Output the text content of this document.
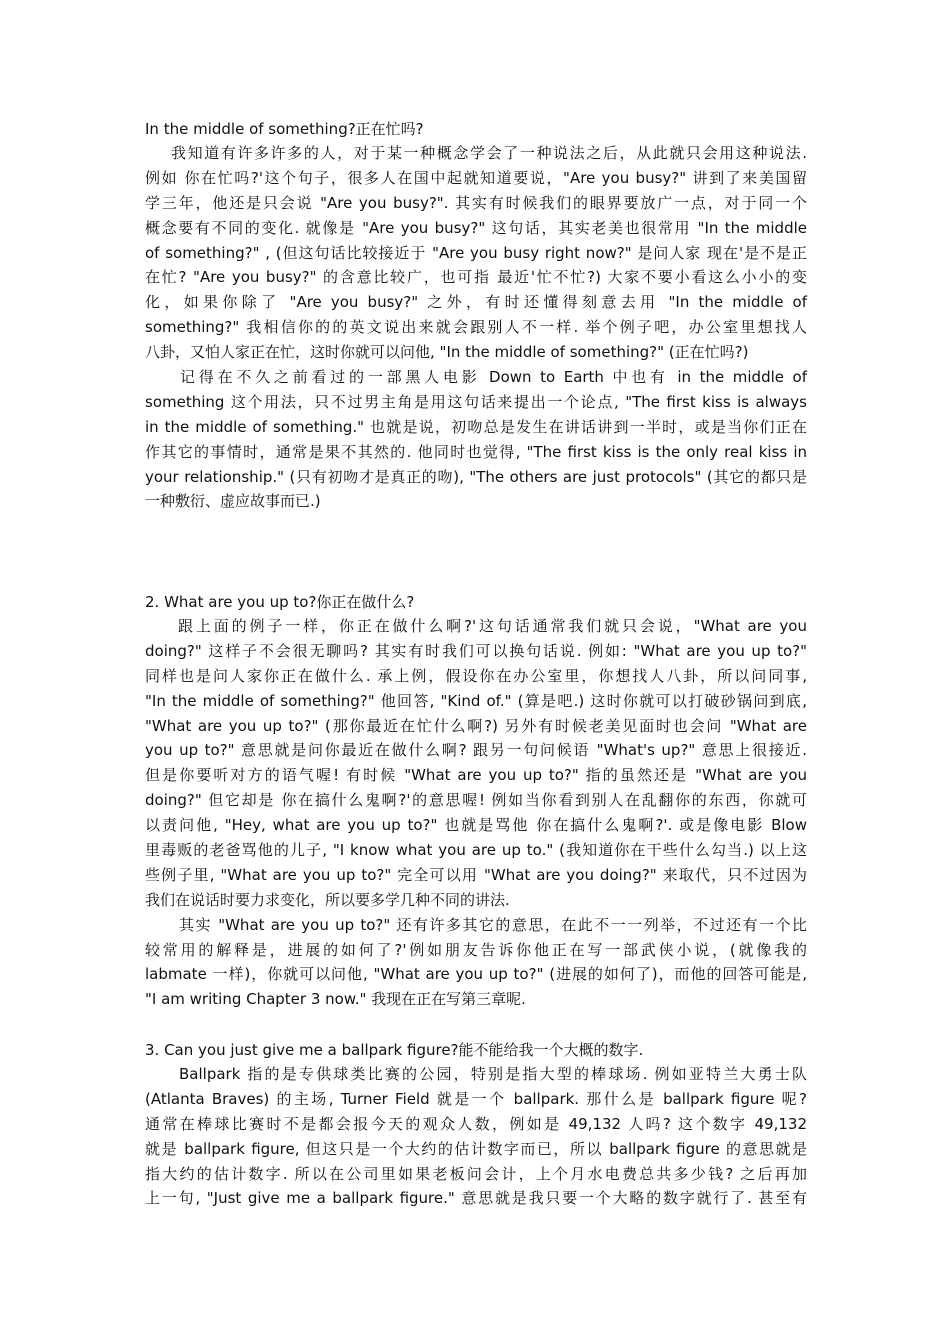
In the middle of something?正在忙吗?
我知道有许多许多的人，对于某一种概念学会了一种说法之后，从此就只会用这种说法.
例如 你在忙吗?'这个句子，很多人在国中起就知道要说，"Are you busy?" 讲到了来美国留
学三年，他还是只会说 "Are you busy?". 其实有时候我们的眼界要放广一点，对于同一个
概念要有不同的变化. 就像是 "Are you busy?" 这句话，其实老美也很常用 "In the middle
of something?" , (但这句话比较接近于 "Are you busy right now?" 是问人家 现在'是不是正
在忙? "Are you busy?" 的含意比较广，也可指 最近'忙不忙?) 大家不要小看这么小小的变
化，如果你除了 "Are you busy?" 之外，有时还懂得刻意去用 "In the middle of
something?" 我相信你的的英文说出来就会跟别人不一样. 举个例子吧，办公室里想找人
八卦，又怕人家正在忙，这时你就可以问他, "In the middle of something?" (正在忙吗?)
记得在不久之前看过的一部黑人电影 Down to Earth 中也有 in the middle of
something 这个用法，只不过男主角是用这句话来提出一个论点, "The first kiss is always
in the middle of something." 也就是说，初吻总是发生在讲话讲到一半时，或是当你们正在
作其它的事情时，通常是果不其然的. 他同时也觉得, "The first kiss is the only real kiss in
your relationship." (只有初吻才是真正的吻), "The others are just protocols" (其它的都只是
一种敷衍、虚应故事而已.)
2. What are you up to?你正在做什么?
跟上面的例子一样，你正在做什么啊?'这句话通常我们就只会说，"What are you
doing?" 这样子不会很无聊吗? 其实有时我们可以换句话说. 例如: "What are you up to?"
同样也是问人家你正在做什么. 承上例，假设你在办公室里，你想找人八卦，所以问同事,
"In the middle of something?" 他回答, "Kind of." (算是吧.) 这时你就可以打破砂锅问到底,
"What are you up to?" (那你最近在忙什么啊?) 另外有时候老美见面时也会问 "What are
you up to?" 意思就是问你最近在做什么啊? 跟另一句问候语 "What's up?" 意思上很接近.
但是你要听对方的语气喔! 有时候 "What are you up to?" 指的虽然还是 "What are you
doing?" 但它却是 你在搞什么鬼啊?'的意思喔! 例如当你看到别人在乱翻你的东西，你就可
以责问他, "Hey, what are you up to?" 也就是骂他 你在搞什么鬼啊?'. 或是像电影 Blow
里毒贩的老爸骂他的儿子, "I know what you are up to." (我知道你在干些什么勾当.) 以上这
些例子里, "What are you up to?" 完全可以用 "What are you doing?" 来取代，只不过因为
我们在说话时要力求变化，所以要多学几种不同的讲法.
其实 "What are you up to?" 还有许多其它的意思，在此不一一列举，不过还有一个比
较常用的解释是，进展的如何了?'例如朋友告诉你他正在写一部武侠小说，(就像我的
labmate 一样)，你就可以问他, "What are you up to?" (进展的如何了)，而他的回答可能是,
"I am writing Chapter 3 now." 我现在正在写第三章呢.
3. Can you just give me a ballpark figure?能不能给我一个大概的数字.
Ballpark 指的是专供球类比赛的公园，特别是指大型的棒球场. 例如亚特兰大勇士队
(Atlanta Braves) 的主场, Turner Field 就是一个 ballpark. 那什么是 ballpark figure 呢?
通常在棒球比赛时不是都会报今天的观众人数，例如是 49,132 人吗? 这个数字 49,132
就是 ballpark figure, 但这只是一个大约的估计数字而已，所以 ballpark figure 的意思就是
指大约的估计数字. 所以在公司里如果老板问会计，上个月水电费总共多少钱? 之后再加
上一句, "Just give me a ballpark figure." 意思就是我只要一个大略的数字就行了. 甚至有
